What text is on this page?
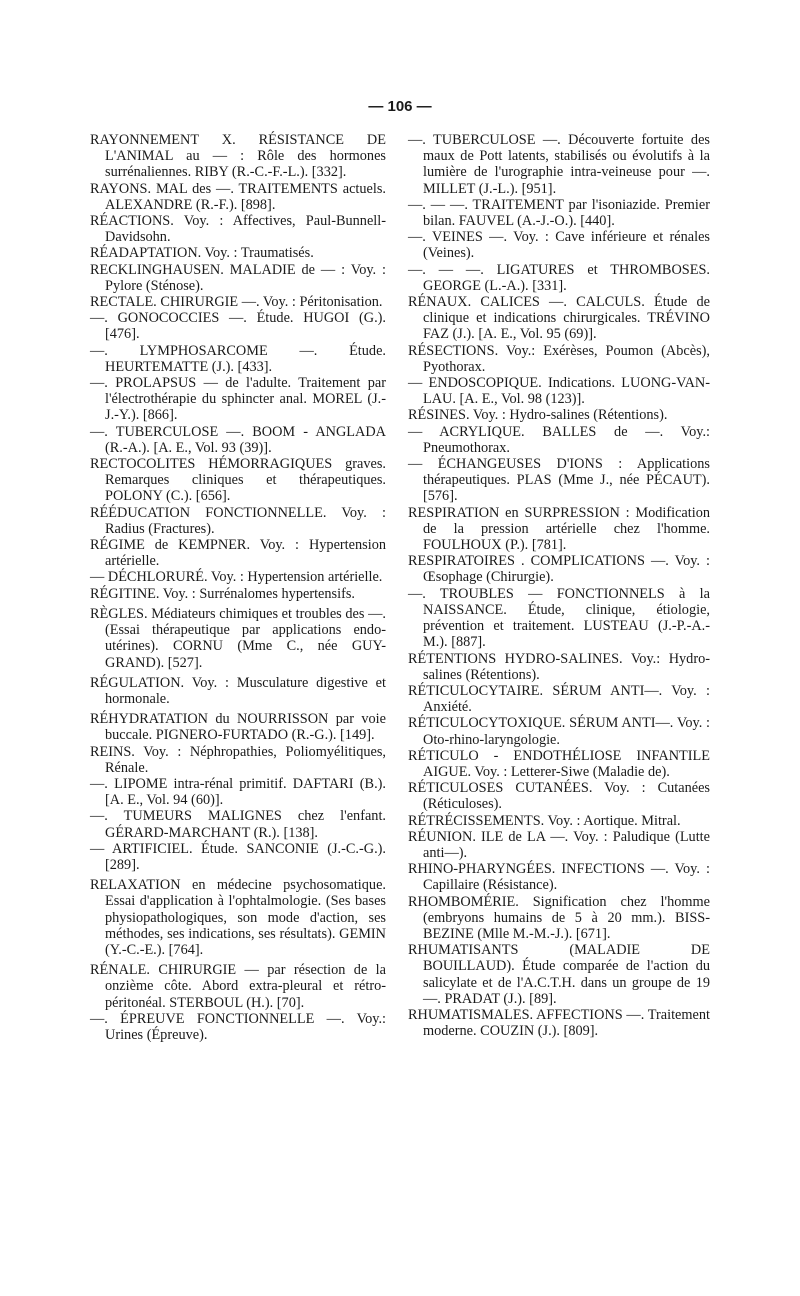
— 106 —

RAYONNEMENT X. RÉSISTANCE DE L'ANIMAL au — : Rôle des hormones surrénaliennes. RIBY (R.-C.-F.-L.). [332].

RAYONS. MAL des —. TRAITEMENTS actuels. ALEXANDRE (R.-F.). [898].

RÉACTIONS. Voy. : Affectives, Paul-Bunnell-Davidsohn.

RÉADAPTATION. Voy. : Traumatisés.

RECKLINGHAUSEN. MALADIE de — : Voy. : Pylore (Sténose).

RECTALE. CHIRURGIE —. Voy. : Péritonisation.

—. GONOCOCCIES —. Étude. HUGOI (G.). [476].

—. LYMPHOSARCOME —. Étude. HEURTEMATTE (J.). [433].

—. PROLAPSUS — de l'adulte. Traitement par l'électrothérapie du sphincter anal. MOREL (J.-J.-Y.). [866].

—. TUBERCULOSE —. BOOM - ANGLADA (R.-A.). [A. E., Vol. 93 (39)].

RECTOCOLITES HÉMORRAGIQUES graves. Remarques cliniques et thérapeutiques. POLONY (C.). [656].

RÉÉDUCATION FONCTIONNELLE. Voy. : Radius (Fractures).

RÉGIME de KEMPNER. Voy. : Hypertension artérielle.

— DÉCHLORURÉ. Voy. : Hypertension artérielle.

RÉGITINE. Voy. : Surrénalomes hypertensifs.

RÈGLES. Médiateurs chimiques et troubles des —. (Essai thérapeutique par applications endo-utérines). CORNU (Mme C., née GUY-GRAND). [527].

RÉGULATION. Voy. : Musculature digestive et hormonale.

RÉHYDRATATION du NOURRISSON par voie buccale. PIGNERO-FURTADO (R.-G.). [149].

REINS. Voy. : Néphropathies, Poliomyélitiques, Rénale.

—. LIPOME intra-rénal primitif. DAFTARI (B.). [A. E., Vol. 94 (60)].

—. TUMEURS MALIGNES chez l'enfant. GÉRARD-MARCHANT (R.). [138].

— ARTIFICIEL. Étude. SANCONIE (J.-C.-G.). [289].

RELAXATION en médecine psychosomatique. Essai d'application à l'ophtalmologie. (Ses bases physiopathologiques, son mode d'action, ses méthodes, ses indications, ses résultats). GEMIN (Y.-C.-E.). [764].

RÉNALE. CHIRURGIE — par résection de la onzième côte. Abord extra-pleural et rétro-péritonéal. STERBOUL (H.). [70].

—. ÉPREUVE FONCTIONNELLE —. Voy.: Urines (Épreuve).

—. TUBERCULOSE —. Découverte fortuite des maux de Pott latents, stabilisés ou évolutifs à la lumière de l'urographie intra-veineuse pour —. MILLET (J.-L.). [951].

—. — —. TRAITEMENT par l'isoniazide. Premier bilan. FAUVEL (A.-J.-O.). [440].

—. VEINES —. Voy. : Cave inférieure et rénales (Veines).

—. — —. LIGATURES et THROMBOSES. GEORGE (L.-A.). [331].

RÉNAUX. CALICES —. CALCULS. Étude de clinique et indications chirurgicales. TRÉVINO FAZ (J.). [A. E., Vol. 95 (69)].

RÉSECTIONS. Voy.: Exérèses, Poumon (Abcès), Pyothorax.

— ENDOSCOPIQUE. Indications. LUONG-VAN-LAU. [A. E., Vol. 98 (123)].

RÉSINES. Voy. : Hydro-salines (Rétentions).

— ACRYLIQUE. BALLES de —. Voy.: Pneumothorax.

— ÉCHANGEUSES D'IONS : Applications thérapeutiques. PLAS (Mme J., née PÉCAUT). [576].

RESPIRATION en SURPRESSION : Modification de la pression artérielle chez l'homme. FOULHOUX (P.). [781].

RESPIRATOIRES . COMPLICATIONS —. Voy. : Œsophage (Chirurgie).

—. TROUBLES — FONCTIONNELS à la NAISSANCE. Étude, clinique, étiologie, prévention et traitement. LUSTEAU (J.-P.-A.-M.). [887].

RÉTENTIONS HYDRO-SALINES. Voy.: Hydro-salines (Rétentions).

RÉTICULOCYTAIRE. SÉRUM ANTI—. Voy. : Anxiété.

RÉTICULOCYTOXIQUE. SÉRUM ANTI—. Voy. : Oto-rhino-laryngologie.

RÉTICULO - ENDOTHÉLIOSE INFANTILE AIGUE. Voy. : Letterer-Siwe (Maladie de).

RÉTICULOSES CUTANÉES. Voy. : Cutanées (Réticuloses).

RÉTRÉCISSEMENTS. Voy. : Aortique. Mitral.

RÉUNION. ILE de LA —. Voy. : Paludique (Lutte anti—).

RHINO-PHARYNGÉES. INFECTIONS —. Voy. : Capillaire (Résistance).

RHOMBOMÉRIE. Signification chez l'homme (embryons humains de 5 à 20 mm.). BISS-BEZINE (Mlle M.-M.-J.). [671].

RHUMATISANTS (MALADIE DE BOUILLAUD). Étude comparée de l'action du salicylate et de l'A.C.T.H. dans un groupe de 19 —. PRADAT (J.). [89].

RHUMATISMALES. AFFECTIONS —. Traitement moderne. COUZIN (J.). [809].
